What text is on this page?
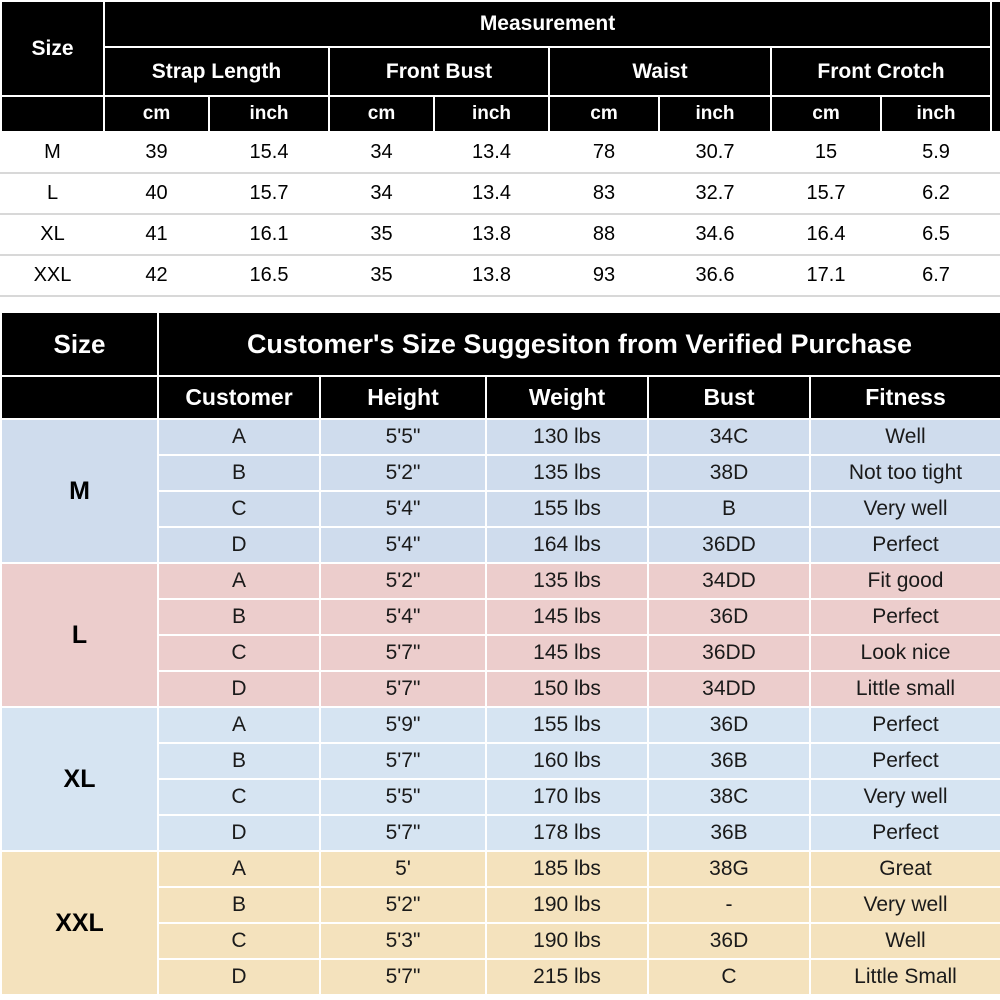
Size	Measurement								
	Strap Length		Front Bust		Waist		Front Crotch		
	cm	inch	cm	inch	cm	inch	cm	inch	
M	39	15.4	34	13.4	78	30.7	15	5.9	
L	40	15.7	34	13.4	83	32.7	15.7	6.2	
XL	41	16.1	35	13.8	88	34.6	16.4	6.5	
XXL	42	16.5	35	13.8	93	36.6	17.1	6.7	
Size	Customer's Size Suggesiton from Verified Purchase				
	Customer	Height	Weight	Bust	Fitness
M	A	5'5"	130 lbs	34C	Well
	B	5'2"	135 lbs	38D	Not too tight
	C	5'4"	155 lbs	B	Very well
	D	5'4"	164 lbs	36DD	Perfect
L	A	5'2"	135 lbs	34DD	Fit good
	B	5'4"	145 lbs	36D	Perfect
	C	5'7"	145 lbs	36DD	Look nice
	D	5'7"	150 lbs	34DD	Little small
XL	A	5'9"	155 lbs	36D	Perfect
	B	5'7"	160 lbs	36B	Perfect
	C	5'5"	170 lbs	38C	Very well
	D	5'7"	178 lbs	36B	Perfect
XXL	A	5'	185 lbs	38G	Great
	B	5'2"	190 lbs	-	Very well
	C	5'3"	190 lbs	36D	Well
	D	5'7"	215 lbs	C	Little Small
